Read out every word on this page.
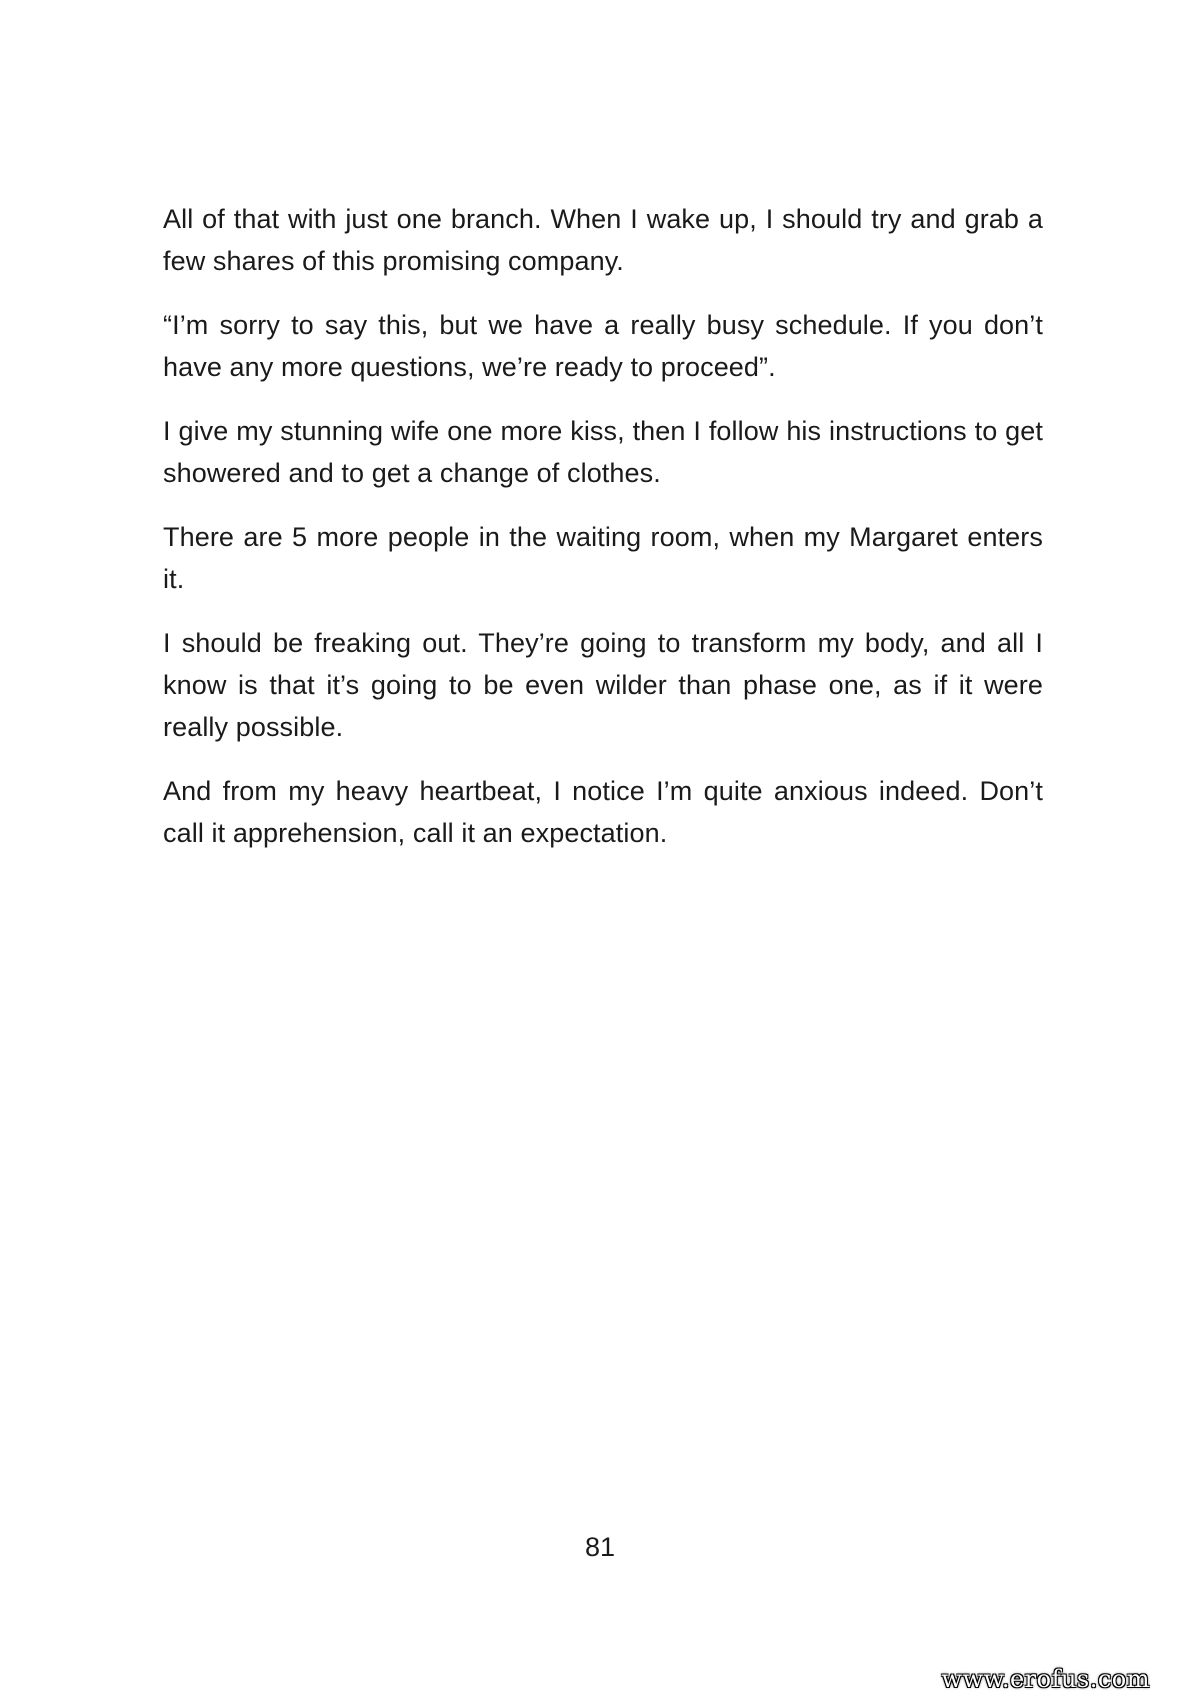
All of that with just one branch. When I wake up, I should try and grab a few shares of this promising company.

“I’m sorry to say this, but we have a really busy schedule. If you don’t have any more questions, we’re ready to proceed”.

I give my stunning wife one more kiss, then I follow his instructions to get showered and to get a change of clothes.

There are 5 more people in the waiting room, when my Margaret enters it.

I should be freaking out. They’re going to transform my body, and all I know is that it’s going to be even wilder than phase one, as if it were really possible.

And from my heavy heartbeat, I notice I’m quite anxious indeed. Don’t call it apprehension, call it an expectation.

81
www.erofus.com
